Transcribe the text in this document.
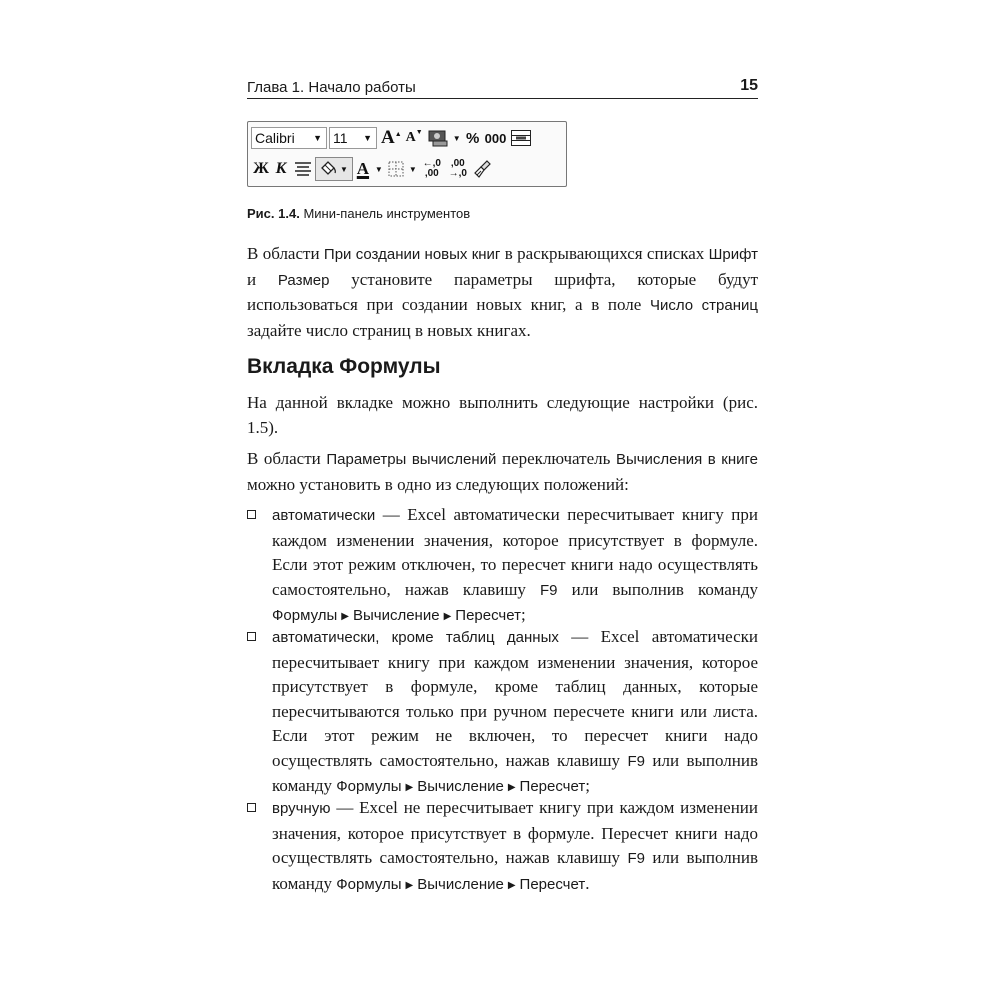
Глава 1. Начало работы	15
Calibri	▼ 11	▼ A▲ A▼
▼ % 000
Ж К	▼ A ▼	▼ ←,0 ,00
,00 →,0
Рис. 1.4. Мини-панель инструментов
В области При создании новых книг в раскрывающихся списках Шрифт и Размер установите параметры шрифта, которые будут использоваться при создании новых книг, а в поле Число страниц задайте число страниц в новых книгах.
Вкладка Формулы
На данной вкладке можно выполнить следующие настройки (рис. 1.5).
В области Параметры вычислений переключатель Вычисления в книге можно установить в одно из следующих положений:
автоматически — Excel автоматически пересчитывает книгу при каждом изменении значения, которое присутствует в формуле. Если этот режим отключен, то пересчет книги надо осуществлять самостоятельно, нажав клавишу F9 или выполнив команду Формулы ▶ Вычисление ▶ Пересчет;
автоматически, кроме таблиц данных — Excel автоматически пересчитывает книгу при каждом изменении значения, которое присутствует в формуле, кроме таблиц данных, которые пересчитываются только при ручном пересчете книги или листа. Если этот режим не включен, то пересчет книги надо осуществлять самостоятельно, нажав клавишу F9 или выполнив команду Формулы ▶ Вычисление ▶ Пересчет;
вручную — Excel не пересчитывает книгу при каждом изменении значения, которое присутствует в формуле. Пересчет книги надо осуществлять самостоятельно, нажав клавишу F9 или выполнив команду Формулы ▶ Вычисление ▶ Пересчет.
